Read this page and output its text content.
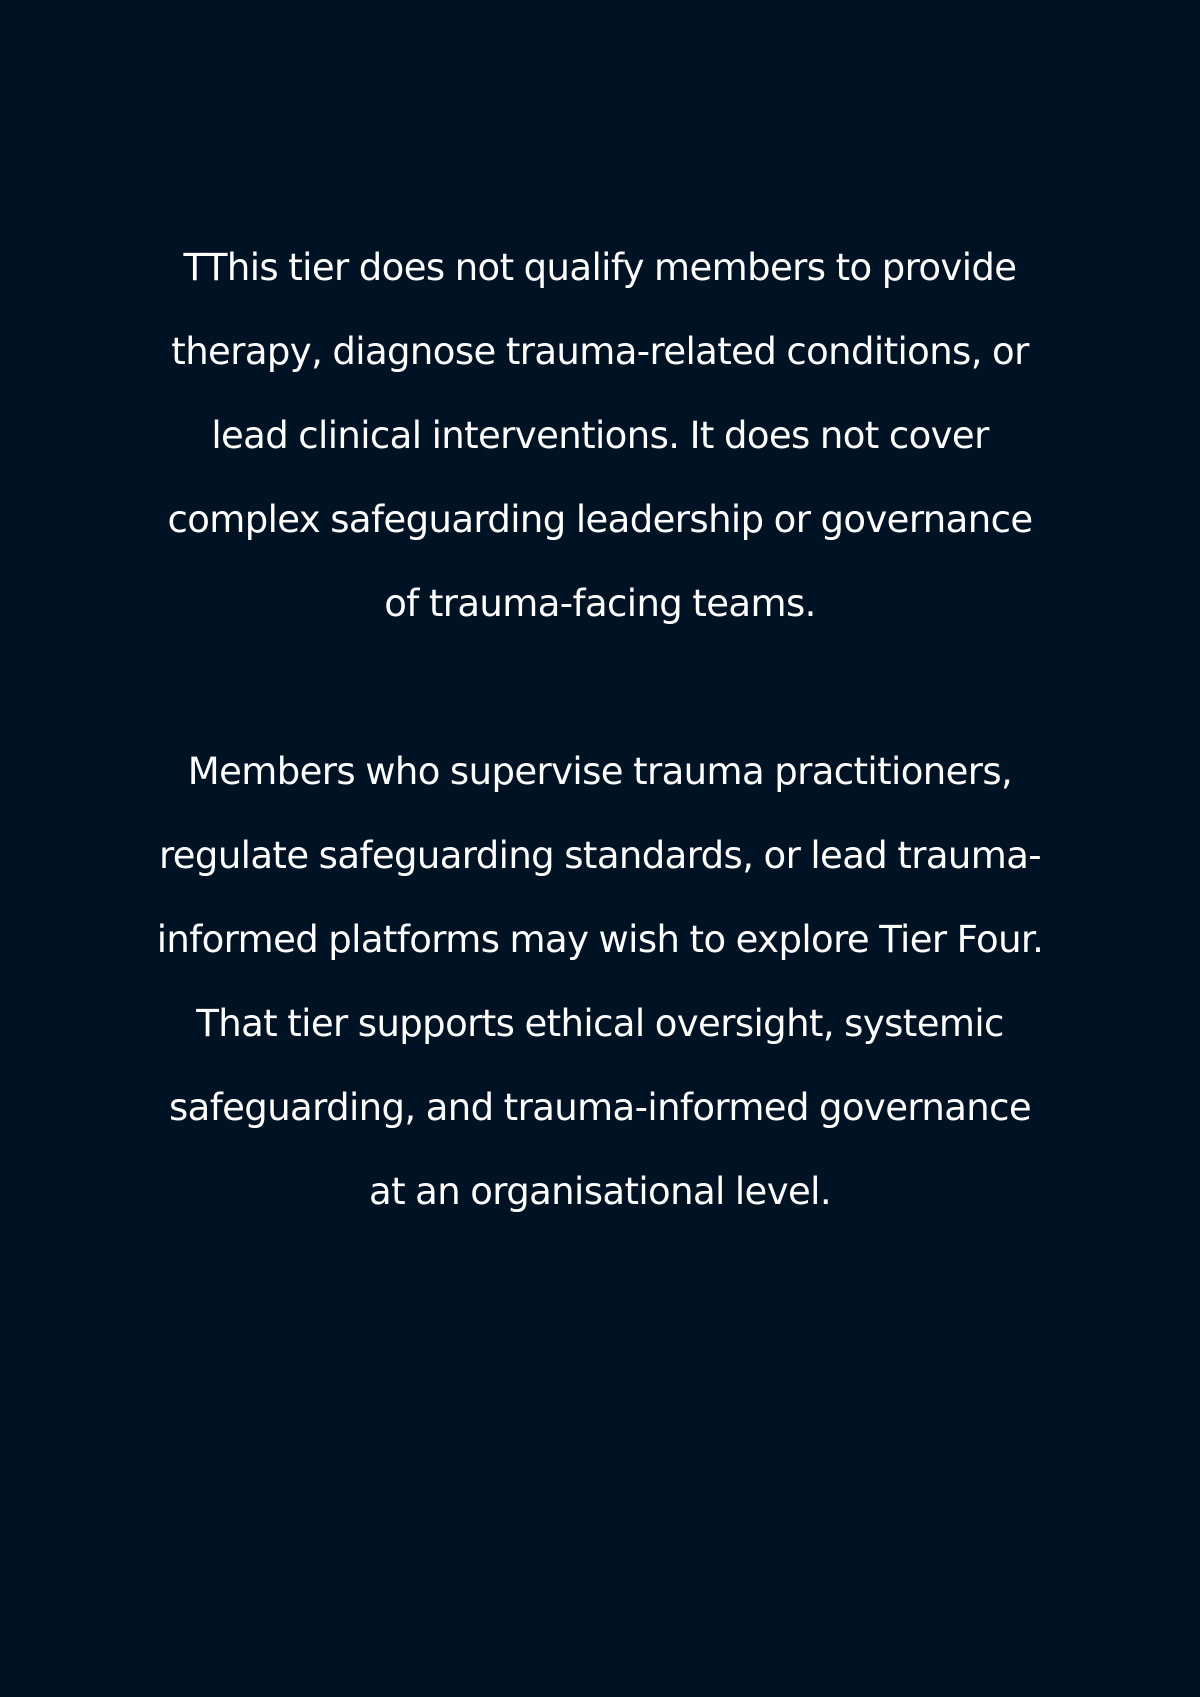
TThis tier does not qualify members to provide therapy, diagnose trauma-related conditions, or lead clinical interventions. It does not cover complex safeguarding leadership or governance of trauma-facing teams.

Members who supervise trauma practitioners, regulate safeguarding standards, or lead trauma-informed platforms may wish to explore Tier Four. That tier supports ethical oversight, systemic safeguarding, and trauma-informed governance at an organisational level.
